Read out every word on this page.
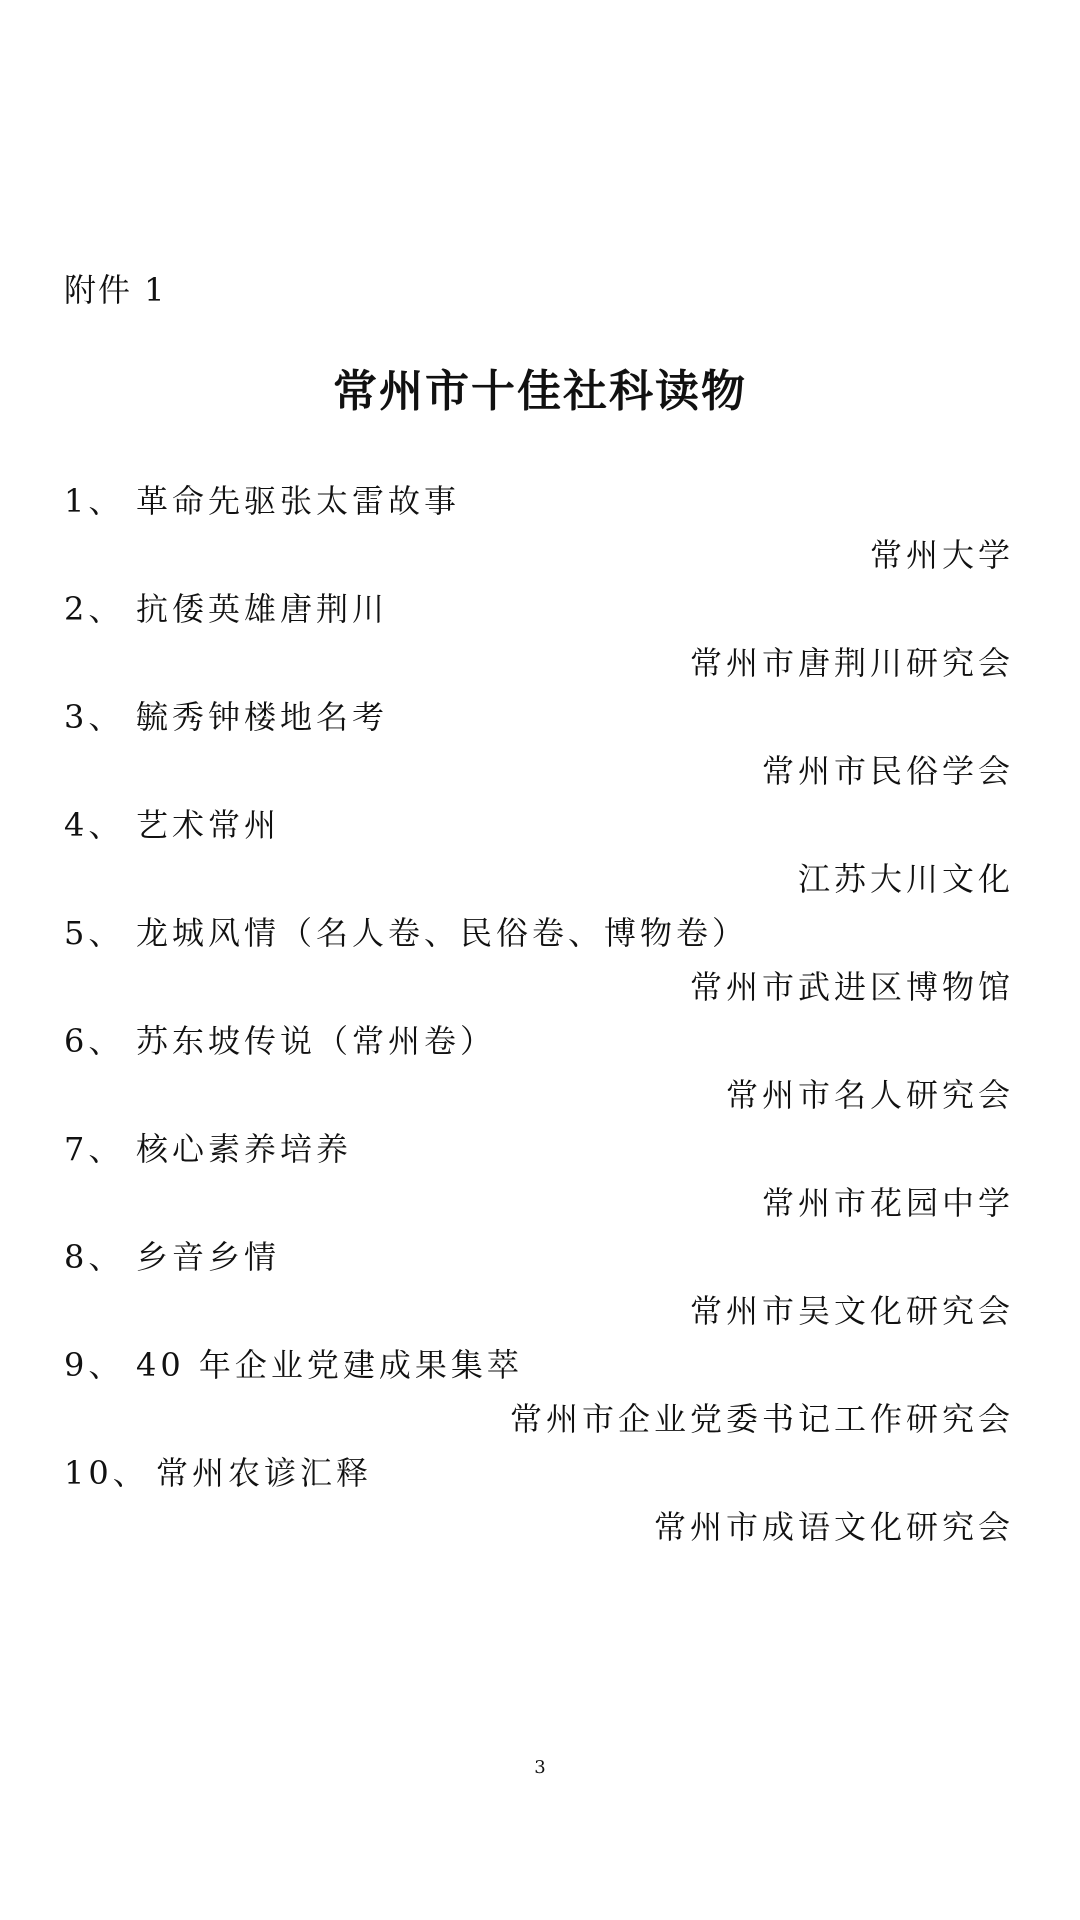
附件 1
常州市十佳社科读物
1、 革命先驱张太雷故事
常州大学
2、 抗倭英雄唐荆川
常州市唐荆川研究会
3、 毓秀钟楼地名考
常州市民俗学会
4、 艺术常州
江苏大川文化
5、 龙城风情（名人卷、民俗卷、博物卷）
常州市武进区博物馆
6、 苏东坡传说（常州卷）
常州市名人研究会
7、 核心素养培养
常州市花园中学
8、 乡音乡情
常州市吴文化研究会
9、 40 年企业党建成果集萃
常州市企业党委书记工作研究会
10、 常州农谚汇释
常州市成语文化研究会
3
